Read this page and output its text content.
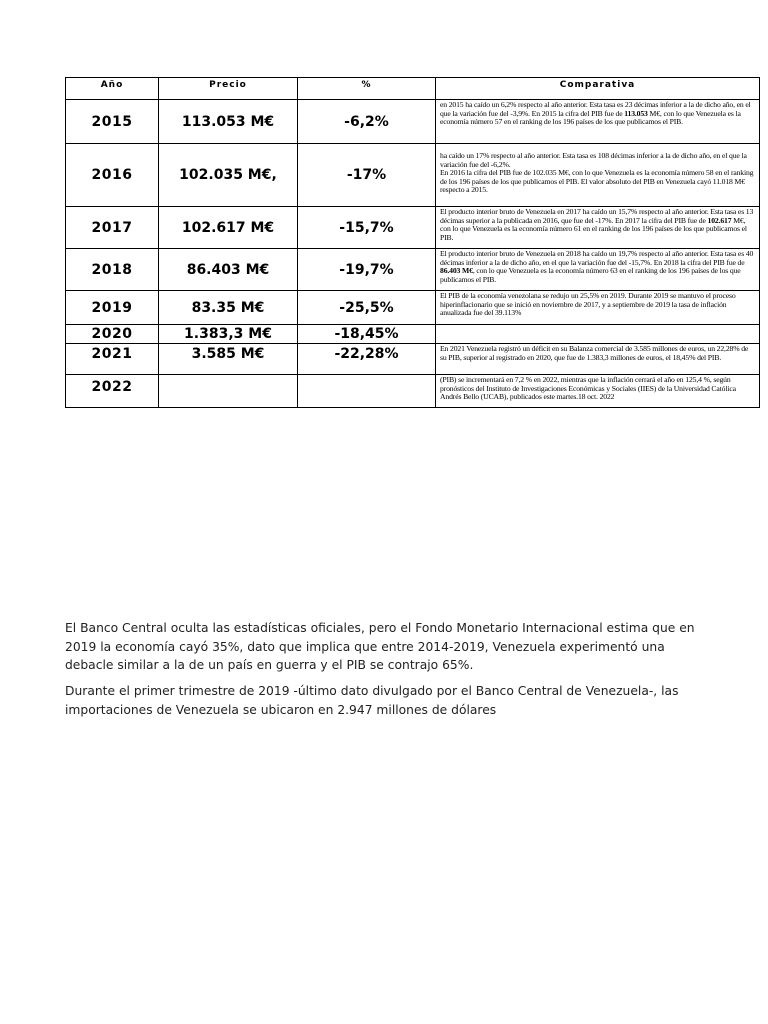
Año	Precio	%	Comparativa
2015	113.053 M€	-6,2%	en 2015 ha caído un 6,2% respecto al año anterior. Esta tasa es 23 décimas inferior a la de dicho año, en el que la variación fue del -3,9%. En 2015 la cifra del PIB fue de 113.053 M€, con lo que Venezuela es la economía número 57 en el ranking de los 196 países de los que publicamos el PIB.
2016	102.035 M€,	-17%	ha caído un 17% respecto al año anterior. Esta tasa es 108 décimas inferior a la de dicho año, en el que la variación fue del -6,2%.
En 2016 la cifra del PIB fue de 102.035 M€, con lo que Venezuela es la economía número 58 en el ranking de los 196 países de los que publicamos el PIB. El valor absoluto del PIB en Venezuela cayó 11.018 M€ respecto a 2015.
2017	102.617 M€	-15,7%	El producto interior bruto de Venezuela en 2017 ha caído un 15,7% respecto al año anterior. Esta tasa es 13 décimas superior a la publicada en 2016, que fue del -17%. En 2017 la cifra del PIB fue de 102.617 M€, con lo que Venezuela es la economía número 61 en el ranking de los 196 países de los que publicamos el PIB.
2018	86.403 M€	-19,7%	El producto interior bruto de Venezuela en 2018 ha caído un 19,7% respecto al año anterior. Esta tasa es 40 décimas inferior a la de dicho año, en el que la variación fue del -15,7%. En 2018 la cifra del PIB fue de 86.403 M€, con lo que Venezuela es la economía número 63 en el ranking de los 196 países de los que publicamos el PIB.
2019	83.35 M€	-25,5%	El PIB de la economía venezolana se redujo un 25,5% en 2019. Durante 2019 se mantuvo el proceso hiperinflacionario que se inició en noviembre de 2017, y a septiembre de 2019 la tasa de inflación anualizada fue del 39.113%
2020	1.383,3 M€	-18,45%	
2021	3.585 M€	-22,28%	En 2021 Venezuela registró un déficit en su Balanza comercial de 3.585 millones de euros, un 22,28% de su PIB, superior al registrado en 2020, que fue de 1.383,3 millones de euros, el 18,45% del PIB.
2022			(PIB) se incrementará en 7,2 % en 2022, mientras que la inflación cerrará el año en 125,4 %, según pronósticos del Instituto de Investigaciones Económicas y Sociales (IIES) de la Universidad Católica Andrés Bello (UCAB), publicados este martes.18 oct. 2022

El Banco Central oculta las estadísticas oficiales, pero el Fondo Monetario Internacional estima que en 2019 la economía cayó 35%, dato que implica que entre 2014-2019, Venezuela experimentó una debacle similar a la de un país en guerra y el PIB se contrajo 65%.

Durante el primer trimestre de 2019 -último dato divulgado por el Banco Central de Venezuela-, las importaciones de Venezuela se ubicaron en 2.947 millones de dólares
